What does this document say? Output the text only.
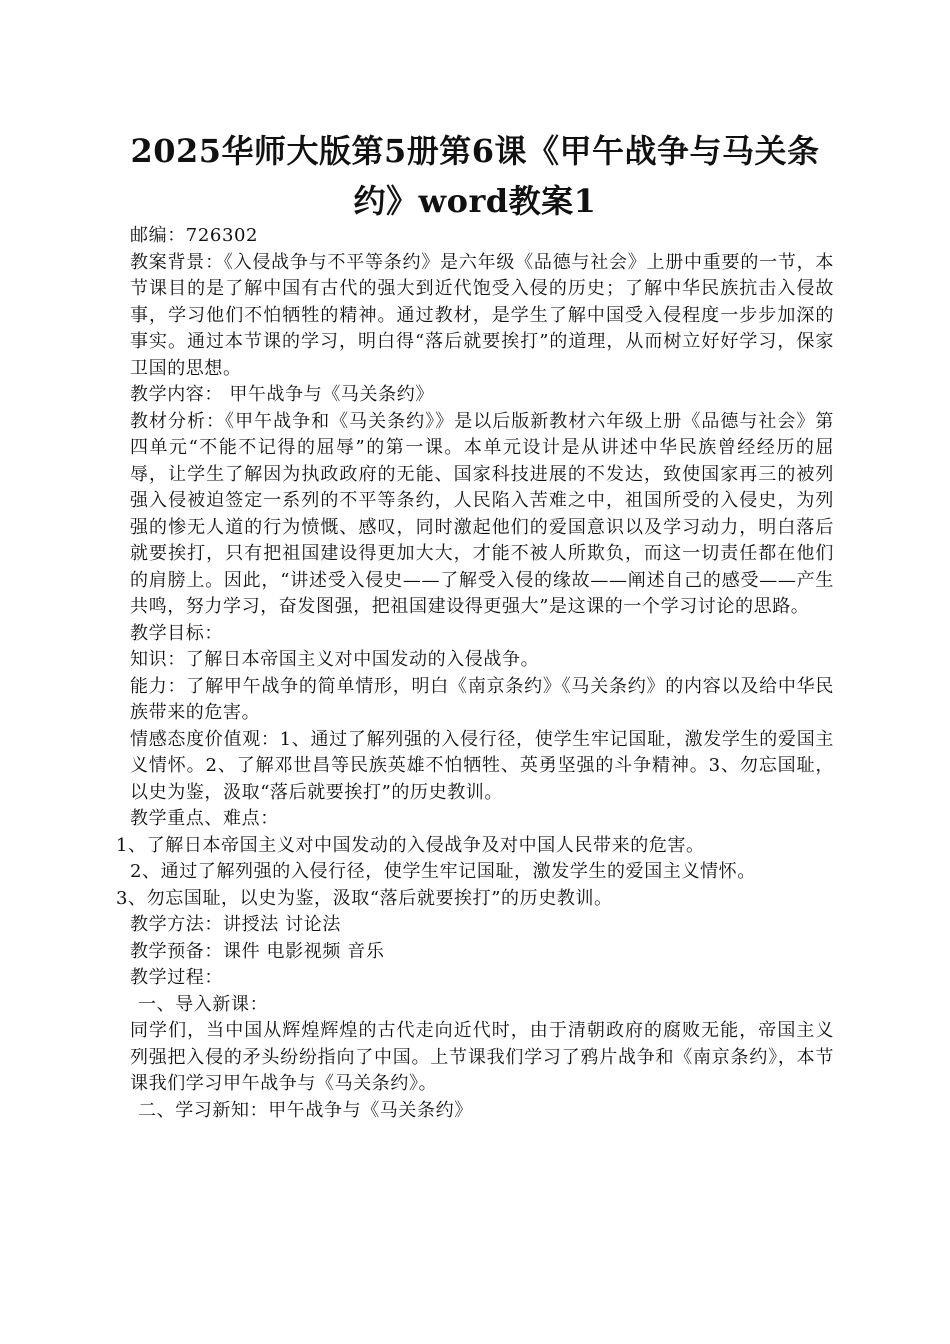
2025华师大版第5册第6课《甲午战争与马关条约》word教案1

邮编：726302

教案背景：《入侵战争与不平等条约》是六年级《品德与社会》上册中重要的一节，本节课目的是了解中国有古代的强大到近代饱受入侵的历史；了解中华民族抗击入侵故事，学习他们不怕牺牲的精神。通过教材，是学生了解中国受入侵程度一步步加深的事实。通过本节课的学习，明白得“落后就要挨打”的道理，从而树立好好学习，保家卫国的思想。

教学内容： 甲午战争与《马关条约》

教材分析：《甲午战争和《马关条约》》是以后版新教材六年级上册《品德与社会》第四单元“不能不记得的屈辱”的第一课。本单元设计是从讲述中华民族曾经经历的屈辱，让学生了解因为执政政府的无能、国家科技进展的不发达，致使国家再三的被列强入侵被迫签定一系列的不平等条约，人民陷入苦难之中，祖国所受的入侵史，为列强的惨无人道的行为愤慨、感叹，同时激起他们的爱国意识以及学习动力，明白落后就要挨打，只有把祖国建设得更加大大，才能不被人所欺负，而这一切责任都在他们的肩膀上。因此，“讲述受入侵史——了解受入侵的缘故——阐述自己的感受——产生共鸣，努力学习，奋发图强，把祖国建设得更强大”是这课的一个学习讨论的思路。

教学目标：

知识：了解日本帝国主义对中国发动的入侵战争。

能力：了解甲午战争的简单情形，明白《南京条约》《马关条约》的内容以及给中华民族带来的危害。

情感态度价值观：1、通过了解列强的入侵行径，使学生牢记国耻，激发学生的爱国主义情怀。2、了解邓世昌等民族英雄不怕牺牲、英勇坚强的斗争精神。3、勿忘国耻，以史为鉴，汲取“落后就要挨打”的历史教训。

教学重点、难点：

1、了解日本帝国主义对中国发动的入侵战争及对中国人民带来的危害。

2、通过了解列强的入侵行径，使学生牢记国耻，激发学生的爱国主义情怀。

3、勿忘国耻，以史为鉴，汲取“落后就要挨打”的历史教训。

教学方法：讲授法 讨论法

教学预备：课件 电影视频 音乐

教学过程：

一、导入新课：

同学们，当中国从辉煌辉煌的古代走向近代时，由于清朝政府的腐败无能，帝国主义列强把入侵的矛头纷纷指向了中国。上节课我们学习了鸦片战争和《南京条约》，本节课我们学习甲午战争与《马关条约》。

二、学习新知：甲午战争与《马关条约》
